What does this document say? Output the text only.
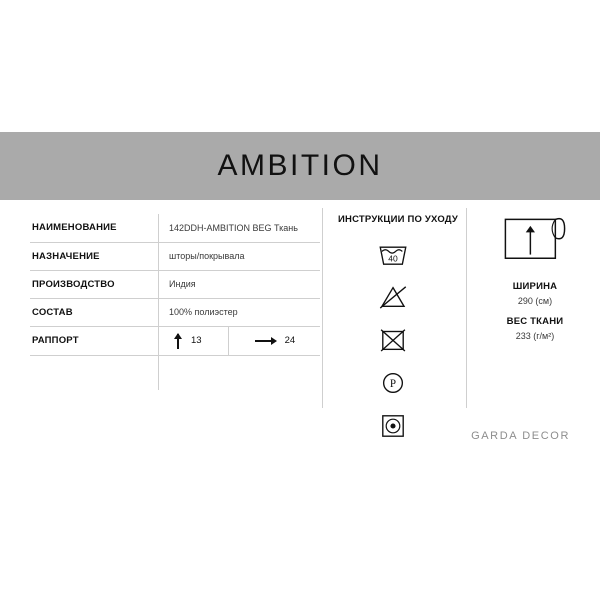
AMBITION
НАИМЕНОВАНИЕ	142DDH-AMBITION BEG Ткань
НАЗНАЧЕНИЕ	шторы/покрывала
ПРОИЗВОДСТВО	Индия
СОСТАВ	100% полиэстер
РАППОРТ	13 24

ИНСТРУКЦИИ ПО УХОДУ
40
P
ШИРИНА
290 (см)
ВЕС ТКАНИ
233 (г/м²)
GARDA DECOR
